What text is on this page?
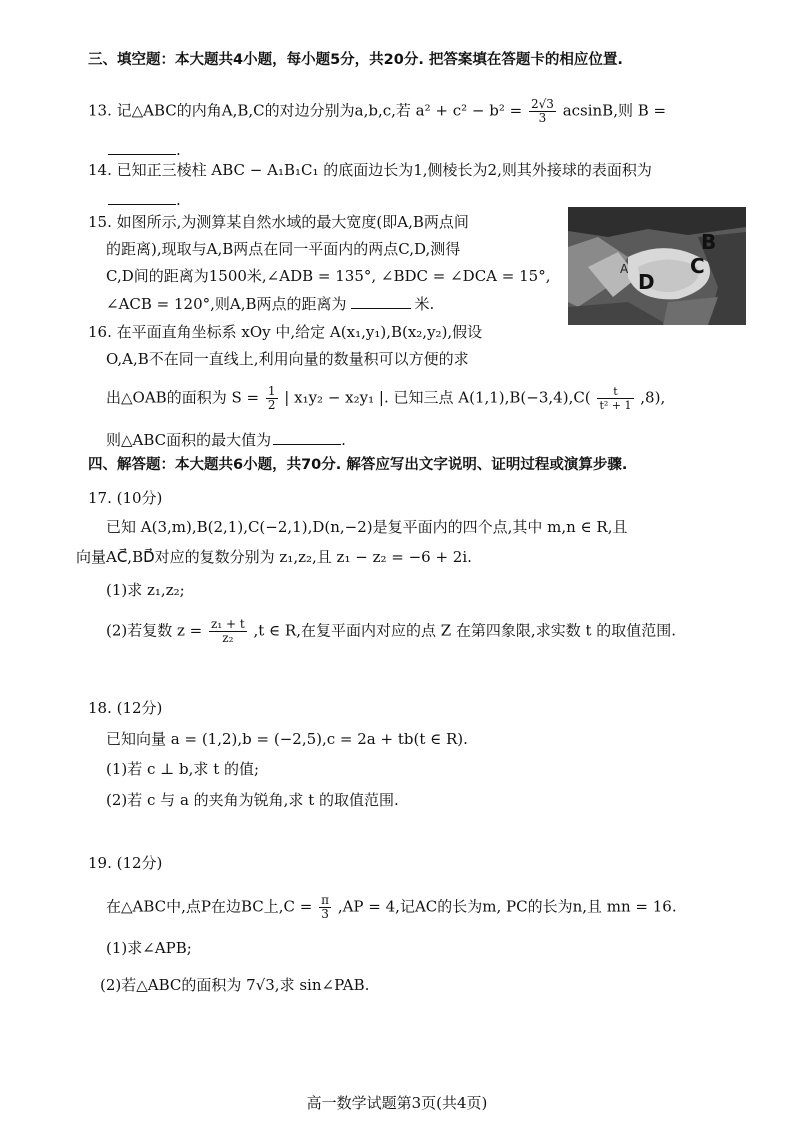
三、填空题：本大题共4小题，每小题5分，共20分. 把答案填在答题卡的相应位置.
13. 记△ABC的内角A,B,C的对边分别为a,b,c,若 $a^2 + c^2 - b^2 = \frac{2√3}{3} acsinB$,则 B =
.
14. 已知正三棱柱 ABC − A₁B₁C₁ 的底面边长为1,侧棱长为2,则其外接球的表面积为
.
15. 如图所示,为测算某自然水域的最大宽度(即A,B两点间
的距离),现取与A,B两点在同一平面内的两点C,D,测得
C,D间的距离为1500米,∠ADB = 135°, ∠BDC = ∠DCA = 15°,
∠ACB = 120°,则A,B两点的距离为	米.
B
C
D
A
16. 在平面直角坐标系 xOy 中,给定 A(x₁,y₁),B(x₂,y₂),假设
O,A,B不在同一直线上,利用向量的数量积可以方便的求
出△OAB的面积为 $S = \frac{1}{2}$ | x₁y₂ − x₂y₁ |. 已知三点 $A(1,1),B(-3,4),C( \frac{t}{\text{t² + 1}} ,8)$,
则△ABC面积的最大值为	.
四、解答题：本大题共6小题，共70分. 解答应写出文字说明、证明过程或演算步骤.
17. (10分)
已知 A(3,m),B(2,1),C(−2,1),D(n,−2)是复平面内的四个点,其中 m,n ∈ R,且
向量AC⃗,BD⃗对应的复数分别为 z₁,z₂,且 z₁ − z₂ = −6 + 2i.
(1)求 z₁,z₂;
(2)若复数 $z = \frac{\text{z₁ + t}}{\text{z₂}} ,t$ ∈ R,在复平面内对应的点 Z 在第四象限,求实数 t 的取值范围.
18. (12分)
已知向量 a = (1,2),b = (−2,5),c = 2a + tb(t ∈ R).
(1)若 c ⊥ b,求 t 的值;
(2)若 c 与 a 的夹角为锐角,求 t 的取值范围.
19. (12分)
在△ABC中,点P在边BC上$,C = \frac{\pi}{3} ,AP = 4$,记AC的长为m, PC的长为n,且 mn = 16.
(1)求∠APB;
(2)若△ABC的面积为 7√3,求 sin∠PAB.
高一数学试题第3页(共4页)
